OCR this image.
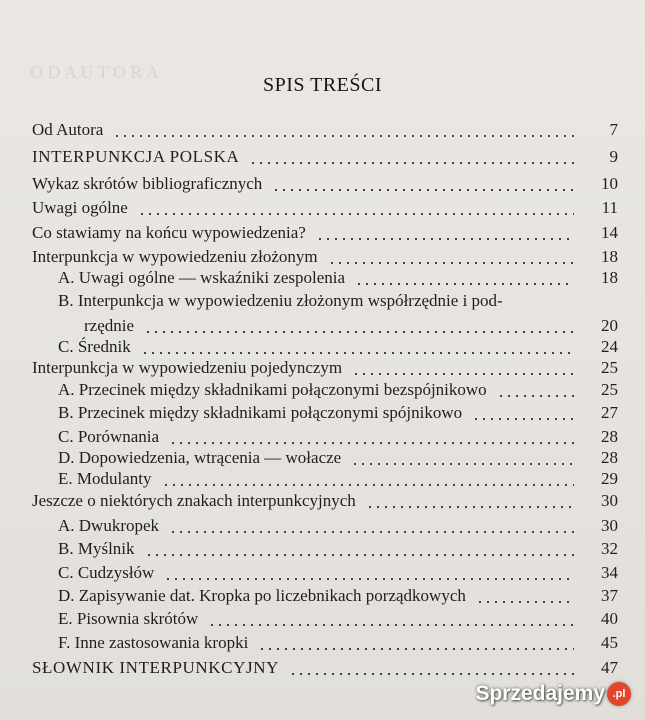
O D A U T O R A
SPIS TREŚCI
Od Autora	7
INTERPUNKCJA POLSKA	9
Wykaz skrótów bibliograficznych	10
Uwagi ogólne	11
Co stawiamy na końcu wypowiedzenia?	14
Interpunkcja w wypowiedzeniu złożonym	18
A. Uwagi ogólne — wskaźniki zespolenia	18
B. Interpunkcja w wypowiedzeniu złożonym współrzędnie i pod-
rzędnie	20
C. Średnik	24
Interpunkcja w wypowiedzeniu pojedynczym	25
A. Przecinek między składnikami połączonymi bezspójnikowo	25
B. Przecinek między składnikami połączonymi spójnikowo	27
C. Porównania	28
D. Dopowiedzenia, wtrącenia — wołacze	28
E. Modulanty	29
Jeszcze o niektórych znakach interpunkcyjnych	30
A. Dwukropek	30
B. Myślnik	32
C. Cudzysłów	34
D. Zapisywanie dat. Kropka po liczebnikach porządkowych	37
E. Pisownia skrótów	40
F. Inne zastosowania kropki	45
SŁOWNIK INTERPUNKCYJNY	47
Sprzedajemy .pl
